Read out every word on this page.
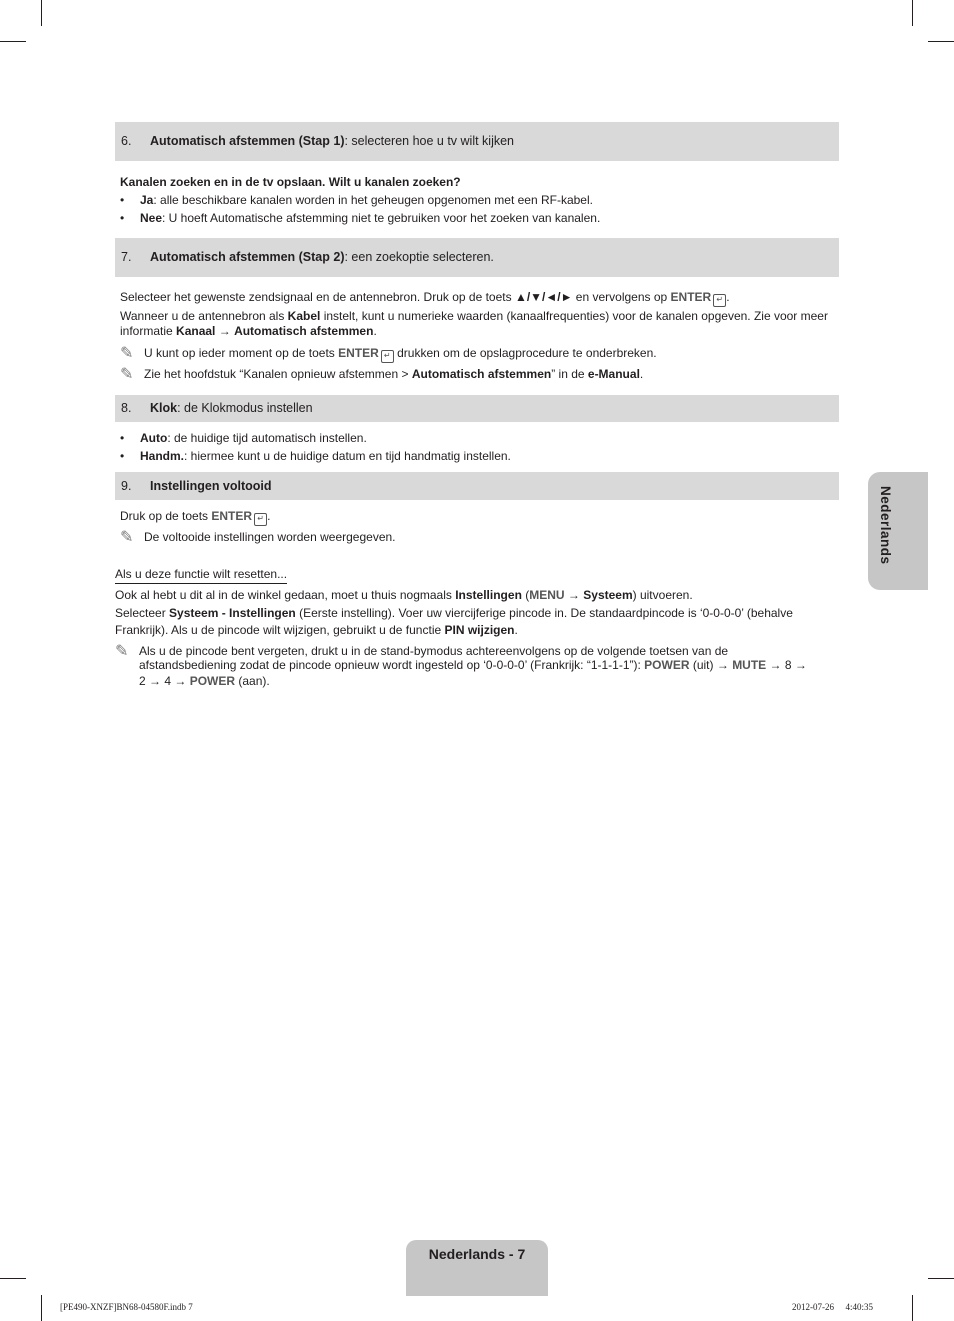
6.	Automatisch afstemmen (Stap 1): selecteren hoe u tv wilt kijken
Kanalen zoeken en in de tv opslaan. Wilt u kanalen zoeken?
• Ja: alle beschikbare kanalen worden in het geheugen opgenomen met een RF-kabel.
• Nee: U hoeft Automatische afstemming niet te gebruiken voor het zoeken van kanalen.
7.	Automatisch afstemmen (Stap 2): een zoekoptie selecteren.
Selecteer het gewenste zendsignaal en de antennebron. Druk op de toets ▲/▼/◄/► en vervolgens op ENTER ↵ .
Wanneer u de antennebron als Kabel instelt, kunt u numerieke waarden (kanaalfrequenties) voor de kanalen opgeven. Zie voor meer
informatie Kanaal → Automatisch afstemmen.
✎ U kunt op ieder moment op de toets ENTER ↵ drukken om de opslagprocedure te onderbreken.
✎ Zie het hoofdstuk “Kanalen opnieuw afstemmen > Automatisch afstemmen” in de e-Manual.
8.	Klok: de Klokmodus instellen
• Auto: de huidige tijd automatisch instellen.
• Handm.: hiermee kunt u de huidige datum en tijd handmatig instellen.
9.	Instellingen voltooid
Druk op de toets ENTER ↵ .
✎ De voltooide instellingen worden weergegeven.
Als u deze functie wilt resetten...
Ook al hebt u dit al in de winkel gedaan, moet u thuis nogmaals Instellingen (MENU → Systeem) uitvoeren.
Selecteer Systeem - Instellingen (Eerste instelling). Voer uw viercijferige pincode in. De standaardpincode is ‘0-0-0-0’ (behalve
Frankrijk). Als u de pincode wilt wijzigen, gebruikt u de functie PIN wijzigen.
✎ Als u de pincode bent vergeten, drukt u in de stand-bymodus achtereenvolgens op de volgende toetsen van de
afstandsbediening zodat de pincode opnieuw wordt ingesteld op ‘0-0-0-0’ (Frankrijk: “1-1-1-1”): POWER (uit) → MUTE → 8 →
2 → 4 → POWER (aan).
Nederlands
Nederlands - 7
[PE490-XNZF]BN68-04580F.indb 7	2012-07-26   4:40:35
